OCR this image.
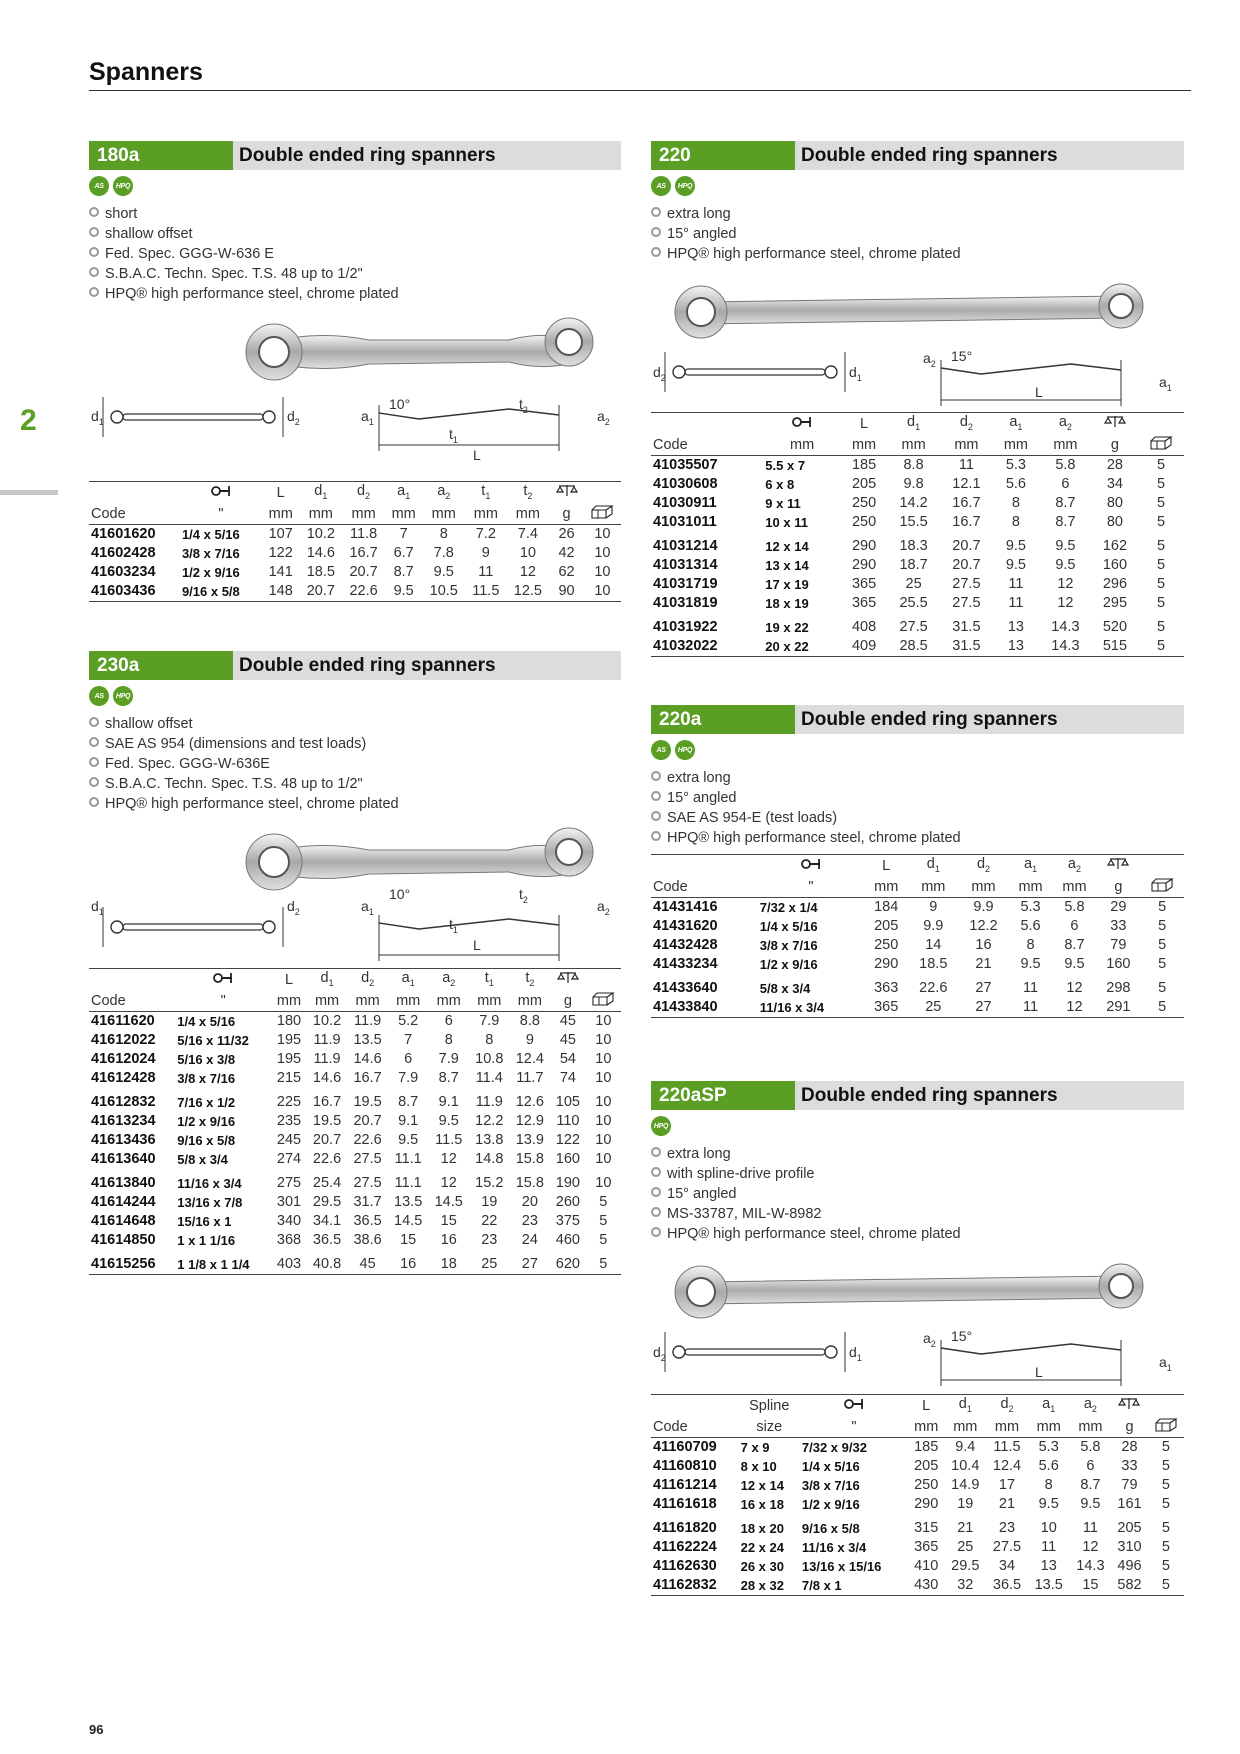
Spanners
2
96
180a	Double ended ring spanners
AS	HPQ
short
shallow offset
Fed. Spec. GGG-W-636 E
S.B.A.C. Techn. Spec. T.S. 48 up to 1/2"
HPQ® high performance steel, chrome plated
$d_1$	$d_2$	$a_1$
10°
$t_1$
$t_2$	$a_2$
L
		L	$d_1$	$d_2$	$a_1$	$a_2$	$t_1$	$t_2$		
Code	"	mm	mm	mm	mm	mm	mm	mm	g	
41601620	1/4 x 5/16	107	10.2	11.8	7	8	7.2	7.4	26	10
41602428	3/8 x 7/16	122	14.6	16.7	6.7	7.8	9	10	42	10
41603234	1/2 x 9/16	141	18.5	20.7	8.7	9.5	11	12	62	10
41603436	9/16 x 5/8	148	20.7	22.6	9.5	10.5	11.5	12.5	90	10
230a	Double ended ring spanners
AS	HPQ
shallow offset
SAE AS 954 (dimensions and test loads)
Fed. Spec. GGG-W-636E
S.B.A.C. Techn. Spec. T.S. 48 up to 1/2"
HPQ® high performance steel, chrome plated
$d_1$	$d_2$	$a_1$
10°
$t_1$
$t_2$	$a_2$
L
		L	$d_1$	$d_2$	$a_1$	$a_2$	$t_1$	$t_2$		
Code	"	mm	mm	mm	mm	mm	mm	mm	g	
41611620	1/4 x 5/16	180	10.2	11.9	5.2	6	7.9	8.8	45	10
41612022	5/16 x 11/32	195	11.9	13.5	7	8	8	9	45	10
41612024	5/16 x 3/8	195	11.9	14.6	6	7.9	10.8	12.4	54	10
41612428	3/8 x 7/16	215	14.6	16.7	7.9	8.7	11.4	11.7	74	10
41612832	7/16 x 1/2	225	16.7	19.5	8.7	9.1	11.9	12.6	105	10
41613234	1/2 x 9/16	235	19.5	20.7	9.1	9.5	12.2	12.9	110	10
41613436	9/16 x 5/8	245	20.7	22.6	9.5	11.5	13.8	13.9	122	10
41613640	5/8 x 3/4	274	22.6	27.5	11.1	12	14.8	15.8	160	10
41613840	11/16 x 3/4	275	25.4	27.5	11.1	12	15.2	15.8	190	10
41614244	13/16 x 7/8	301	29.5	31.7	13.5	14.5	19	20	260	5
41614648	15/16 x 1	340	34.1	36.5	14.5	15	22	23	375	5
41614850	1 x 1 1/16	368	36.5	38.6	15	16	23	24	460	5
41615256	1 1/8 x 1 1/4	403	40.8	45	16	18	25	27	620	5
220	Double ended ring spanners
AS	HPQ
extra long
15° angled
HPQ® high performance steel, chrome plated
$d_2$	$d_1$
$a_2$ 15°
$a_1$
L
		L	$d_1$	$d_2$	$a_1$	$a_2$		
Code	mm	mm	mm	mm	mm	mm	g	
41035507	5.5 x 7	185	8.8	11	5.3	5.8	28	5
41030608	6 x 8	205	9.8	12.1	5.6	6	34	5
41030911	9 x 11	250	14.2	16.7	8	8.7	80	5
41031011	10 x 11	250	15.5	16.7	8	8.7	80	5
41031214	12 x 14	290	18.3	20.7	9.5	9.5	162	5
41031314	13 x 14	290	18.7	20.7	9.5	9.5	160	5
41031719	17 x 19	365	25	27.5	11	12	296	5
41031819	18 x 19	365	25.5	27.5	11	12	295	5
41031922	19 x 22	408	27.5	31.5	13	14.3	520	5
41032022	20 x 22	409	28.5	31.5	13	14.3	515	5
220a	Double ended ring spanners
AS	HPQ
extra long
15° angled
SAE AS 954-E (test loads)
HPQ® high performance steel, chrome plated
		L	$d_1$	$d_2$	$a_1$	$a_2$		
Code	"	mm	mm	mm	mm	mm	g	
41431416	7/32 x 1/4	184	9	9.9	5.3	5.8	29	5
41431620	1/4 x 5/16	205	9.9	12.2	5.6	6	33	5
41432428	3/8 x 7/16	250	14	16	8	8.7	79	5
41433234	1/2 x 9/16	290	18.5	21	9.5	9.5	160	5
41433640	5/8 x 3/4	363	22.6	27	11	12	298	5
41433840	11/16 x 3/4	365	25	27	11	12	291	5
220aSP	Double ended ring spanners
HPQ
extra long
with spline-drive profile
15° angled
MS-33787, MIL-W-8982
HPQ® high performance steel, chrome plated
$d_2$	$d_1$
$a_2$ 15°
$a_1$
L
	Spline		L	$d_1$	$d_2$	$a_1$	$a_2$		
Code	size	"	mm	mm	mm	mm	mm	g	
41160709	7 x 9	7/32 x 9/32	185	9.4	11.5	5.3	5.8	28	5
41160810	8 x 10	1/4 x 5/16	205	10.4	12.4	5.6	6	33	5
41161214	12 x 14	3/8 x 7/16	250	14.9	17	8	8.7	79	5
41161618	16 x 18	1/2 x 9/16	290	19	21	9.5	9.5	161	5
41161820	18 x 20	9/16 x 5/8	315	21	23	10	11	205	5
41162224	22 x 24	11/16 x 3/4	365	25	27.5	11	12	310	5
41162630	26 x 30	13/16 x 15/16	410	29.5	34	13	14.3	496	5
41162832	28 x 32	7/8 x 1	430	32	36.5	13.5	15	582	5
